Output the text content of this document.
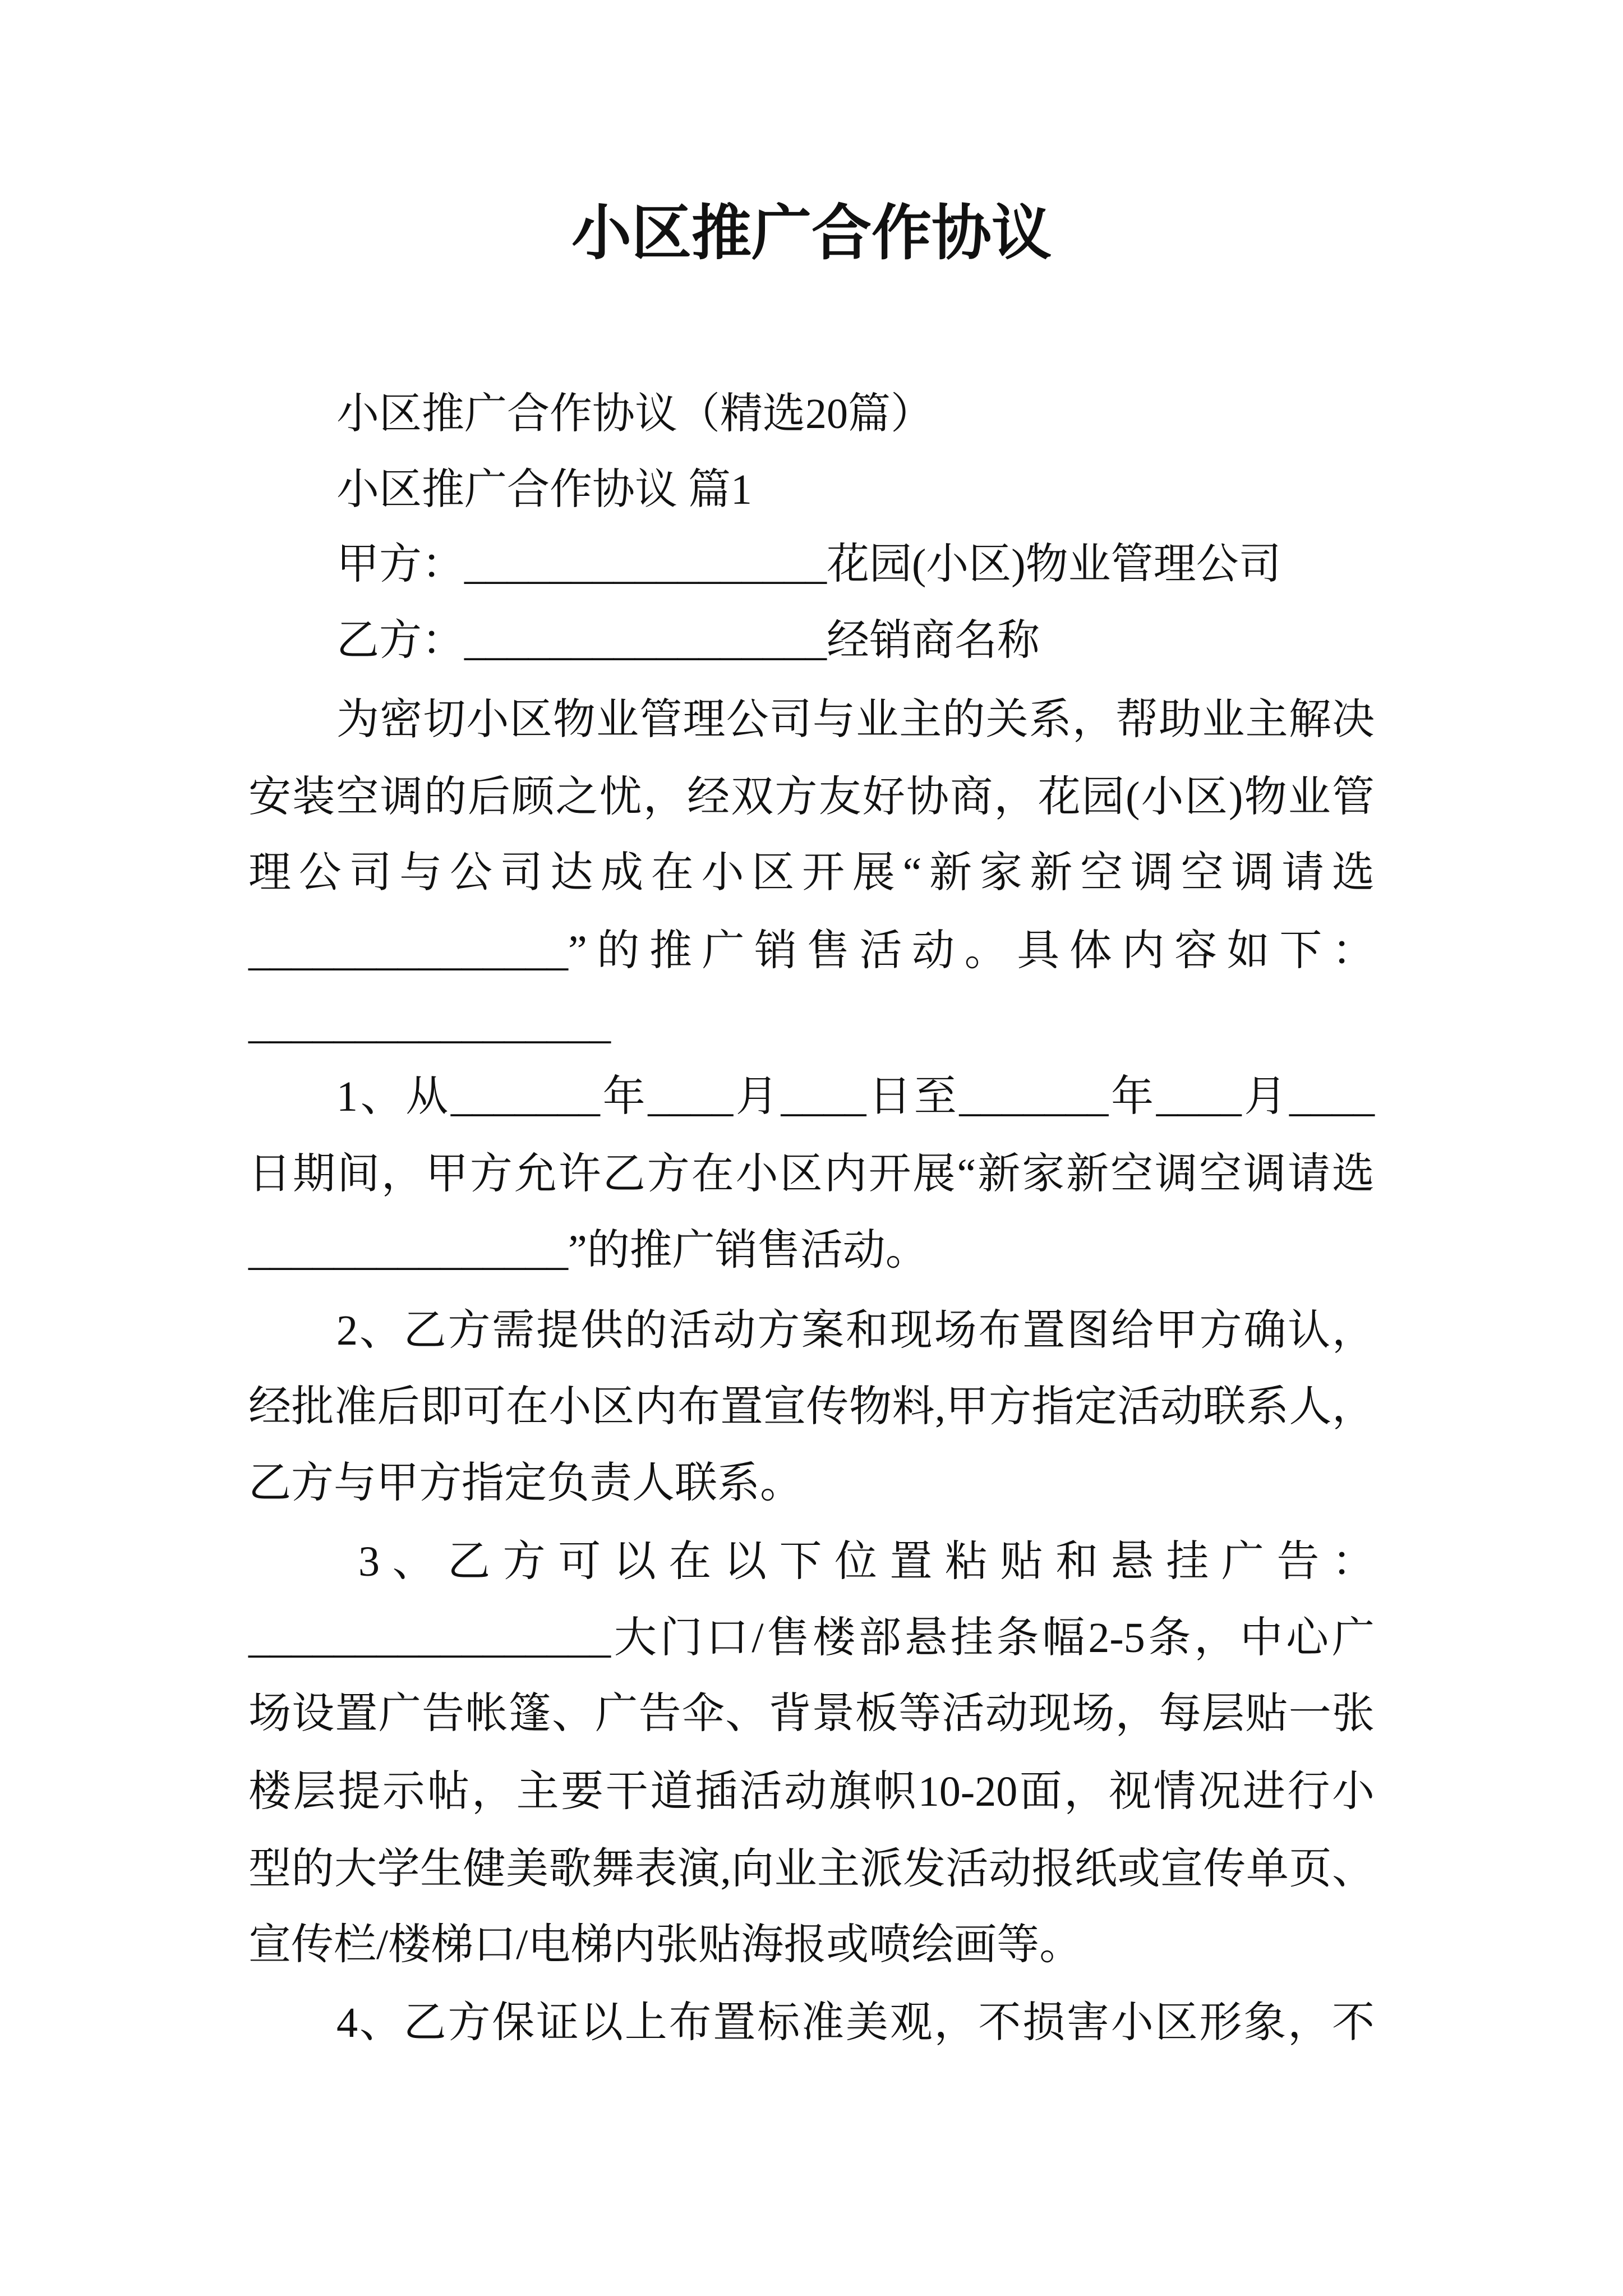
小区推广合作协议
小区推广合作协议（精选20篇）
小区推广合作协议 篇1
甲方：_________________花园(小区)物业管理公司
乙方：_________________经销商名称
为密切小区物业管理公司与业主的关系，帮助业主解决
安装空调的后顾之忧，经双方友好协商，花园(小区)物业管
理公司与公司达成在小区开展“新家新空调空调请选
_______________”的推广销售活动。具体内容如下：
_________________
1、从_______年____月____日至_______年____月____
日期间，甲方允许乙方在小区内开展“新家新空调空调请选
_______________”的推广销售活动。
2、乙方需提供的活动方案和现场布置图给甲方确认，
经批准后即可在小区内布置宣传物料,甲方指定活动联系人，
乙方与甲方指定负责人联系。
3、乙方可以在以下位置粘贴和悬挂广告：
_________________大门口/售楼部悬挂条幅2-5条，中心广
场设置广告帐篷、广告伞、背景板等活动现场，每层贴一张
楼层提示帖，主要干道插活动旗帜10-20面，视情况进行小
型的大学生健美歌舞表演,向业主派发活动报纸或宣传单页、
宣传栏/楼梯口/电梯内张贴海报或喷绘画等。
4、乙方保证以上布置标准美观，不损害小区形象，不
